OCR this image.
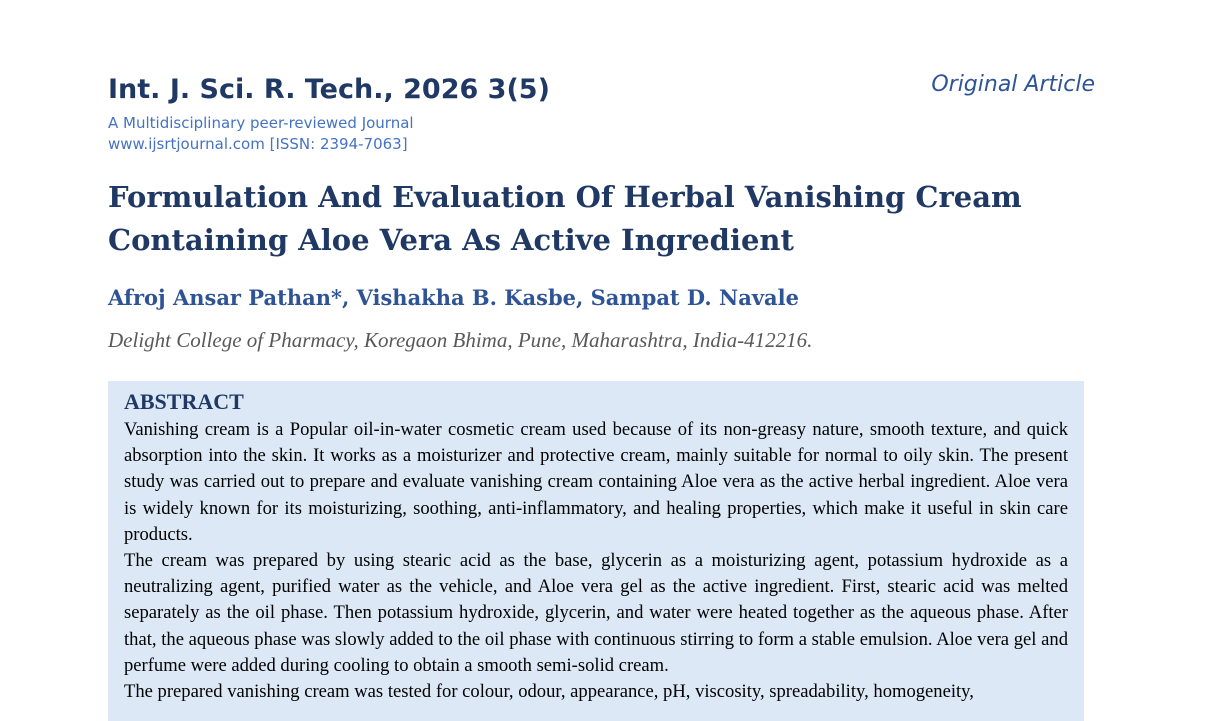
Int. J. Sci. R. Tech., 2026 3(5)
A Multidisciplinary peer-reviewed Journal
www.ijsrtjournal.com [ISSN: 2394-7063]
Original Article
Formulation And Evaluation Of Herbal Vanishing Cream Containing Aloe Vera As Active Ingredient
Afroj Ansar Pathan*, Vishakha B. Kasbe, Sampat D. Navale
Delight College of Pharmacy, Koregaon Bhima, Pune, Maharashtra, India-412216.
ABSTRACT

Vanishing cream is a Popular oil-in-water cosmetic cream used because of its non-greasy nature, smooth texture, and quick absorption into the skin. It works as a moisturizer and protective cream, mainly suitable for normal to oily skin. The present study was carried out to prepare and evaluate vanishing cream containing Aloe vera as the active herbal ingredient. Aloe vera is widely known for its moisturizing, soothing, anti-inflammatory, and healing properties, which make it useful in skin care products.

The cream was prepared by using stearic acid as the base, glycerin as a moisturizing agent, potassium hydroxide as a neutralizing agent, purified water as the vehicle, and Aloe vera gel as the active ingredient. First, stearic acid was melted separately as the oil phase. Then potassium hydroxide, glycerin, and water were heated together as the aqueous phase. After that, the aqueous phase was slowly added to the oil phase with continuous stirring to form a stable emulsion. Aloe vera gel and perfume were added during cooling to obtain a smooth semi-solid cream.

The prepared vanishing cream was tested for colour, odour, appearance, pH, viscosity, spreadability, homogeneity,
